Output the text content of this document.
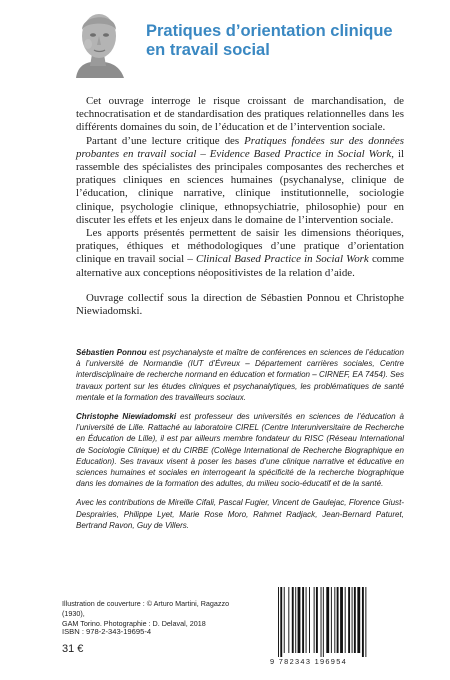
Pratiques d’orientation clinique
en travail social

Cet ouvrage interroge le risque croissant de marchandisation, de technocratisation et de standardisation des pratiques relationnelles dans les différents domaines du soin, de l’éducation et de l’intervention sociale.

Partant d’une lecture critique des Pratiques fondées sur des données probantes en travail social – Evidence Based Practice in Social Work, il rassemble des spécialistes des principales composantes des recherches et pratiques cliniques en sciences humaines (psychanalyse, clinique de l’éducation, clinique narrative, clinique institutionnelle, sociologie clinique, psychologie clinique, ethnopsychiatrie, philosophie) pour en discuter les effets et les enjeux dans le domaine de l’intervention sociale.

Les apports présentés permettent de saisir les dimensions théoriques, pratiques, éthiques et méthodologiques d’une pratique d’orientation clinique en travail social – Clinical Based Practice in Social Work comme alternative aux conceptions néopositivistes de la relation d’aide.

Ouvrage collectif sous la direction de Sébastien Ponnou et Christophe Niewiadomski.

Sébastien Ponnou est psychanalyste et maître de conférences en sciences de l’éducation à l’université de Normandie (IUT d’Évreux – Département carrières sociales, Centre interdisciplinaire de recherche normand en éducation et formation – CIRNEF, EA 7454). Ses travaux portent sur les études cliniques et psychanalytiques, les problématiques de santé mentale et la formation des travailleurs sociaux.

Christophe Niewiadomski est professeur des universités en sciences de l’éducation à l’université de Lille. Rattaché au laboratoire CIREL (Centre Interuniversitaire de Recherche en Éducation de Lille), il est par ailleurs membre fondateur du RISC (Réseau International de Sociologie Clinique) et du CIRBE (Collège International de Recherche Biographique en Education). Ses travaux visent à poser les bases d’une clinique narrative et éducative en sciences humaines et sociales en interrogeant la spécificité de la recherche biographique dans les domaines de la formation des adultes, du milieu socio-éducatif et de la santé.

Avec les contributions de Mireille Cifali, Pascal Fugier, Vincent de Gaulejac, Florence Giust-Desprairies, Philippe Lyet, Marie Rose Moro, Rahmet Radjack, Jean-Bernard Paturet, Bertrand Ravon, Guy de Villers.

Illustration de couverture : © Arturo Martini, Ragazzo (1930),
GAM Torino. Photographie : D. Delaval, 2018
ISBN : 978-2-343-19695-4
31 €
9 782343 196954
